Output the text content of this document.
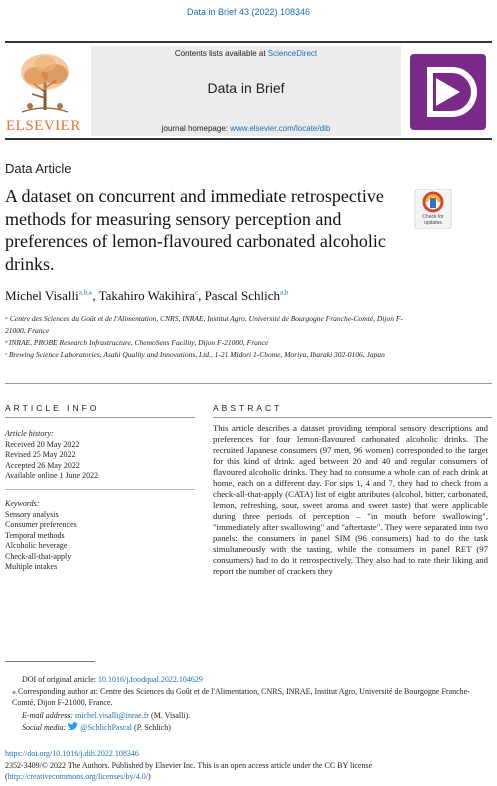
Data in Brief 43 (2022) 108346
ELSEVIER
Contents lists available at ScienceDirect
Data in Brief
journal homepage: www.elsevier.com/locate/dib
Data Article
A dataset on concurrent and immediate retrospective methods for measuring sensory perception and preferences of lemon-flavoured carbonated alcoholic drinks.
Check for
updates
Michel Visalli$^{a,b,⁎}$, Takahiro Wakihira$^c$, Pascal Schlich$^{a,b}$
ᵃ Centre des Sciences du Goût et de l'Alimentation, CNRS, INRAE, Institut Agro, Université de Bourgogne Franche-Comté, Dijon F-21000, France
ᵇ INRAE, PROBE Research Infrastructure, ChemoSens Facility, Dijon F-21000, France
ᶜ Brewing Science Laboratories, Asahi Quality and Innovations, Ltd., 1-21 Midori 1-Chome, Moriya, Ibaraki 302-0106, Japan
ARTICLE INFO	ABSTRACT
Article history:
Received 20 May 2022
Revised 25 May 2022
Accepted 26 May 2022
Available online 1 June 2022
Keywords:
Sensory analysis
Consumer preferences
Temporal methods
Alcoholic beverage
Check-all-that-apply
Multiple intakes
This article describes a dataset providing temporal sensory descriptions and preferences for four lemon-flavoured carbonated alcoholic drinks. The recruited Japanese consumers (97 men, 96 women) corresponded to the target for this kind of drink: aged between 20 and 40 and regular consumers of flavoured alcoholic drinks. They had to consume a whole can of each drink at home, each on a different day. For sips 1, 4 and 7, they had to check from a check-all-that-apply (CATA) list of eight attributes (alcohol, bitter, carbonated, lemon, refreshing, sour, sweet aroma and sweet taste) that were applicable during three periods of perception – "in mouth before swallowing", "immediately after swallowing" and "aftertaste". They were separated into two panels: the consumers in panel SIM (96 consumers) had to do the task simultaneously with the tasting, while the consumers in panel RET (97 consumers) had to do it retrospectively. They also had to rate their liking and report the number of crackers they
DOI of original article: 10.1016/j.foodqual.2022.104629
⁎ Corresponding author at: Centre des Sciences du Goût et de l'Alimentation, CNRS, INRAE, Institut Agro, Université de Bourgogne Franche-Comté, Dijon F-21000, France.
E-mail address: michel.visalli@inrae.fr (M. Visalli).
Social media: @SchlichPascal (P. Schlich)
https://doi.org/10.1016/j.dib.2022.108346
2352-3409/© 2022 The Authors. Published by Elsevier Inc. This is an open access article under the CC BY license (http://creativecommons.org/licenses/by/4.0/)
